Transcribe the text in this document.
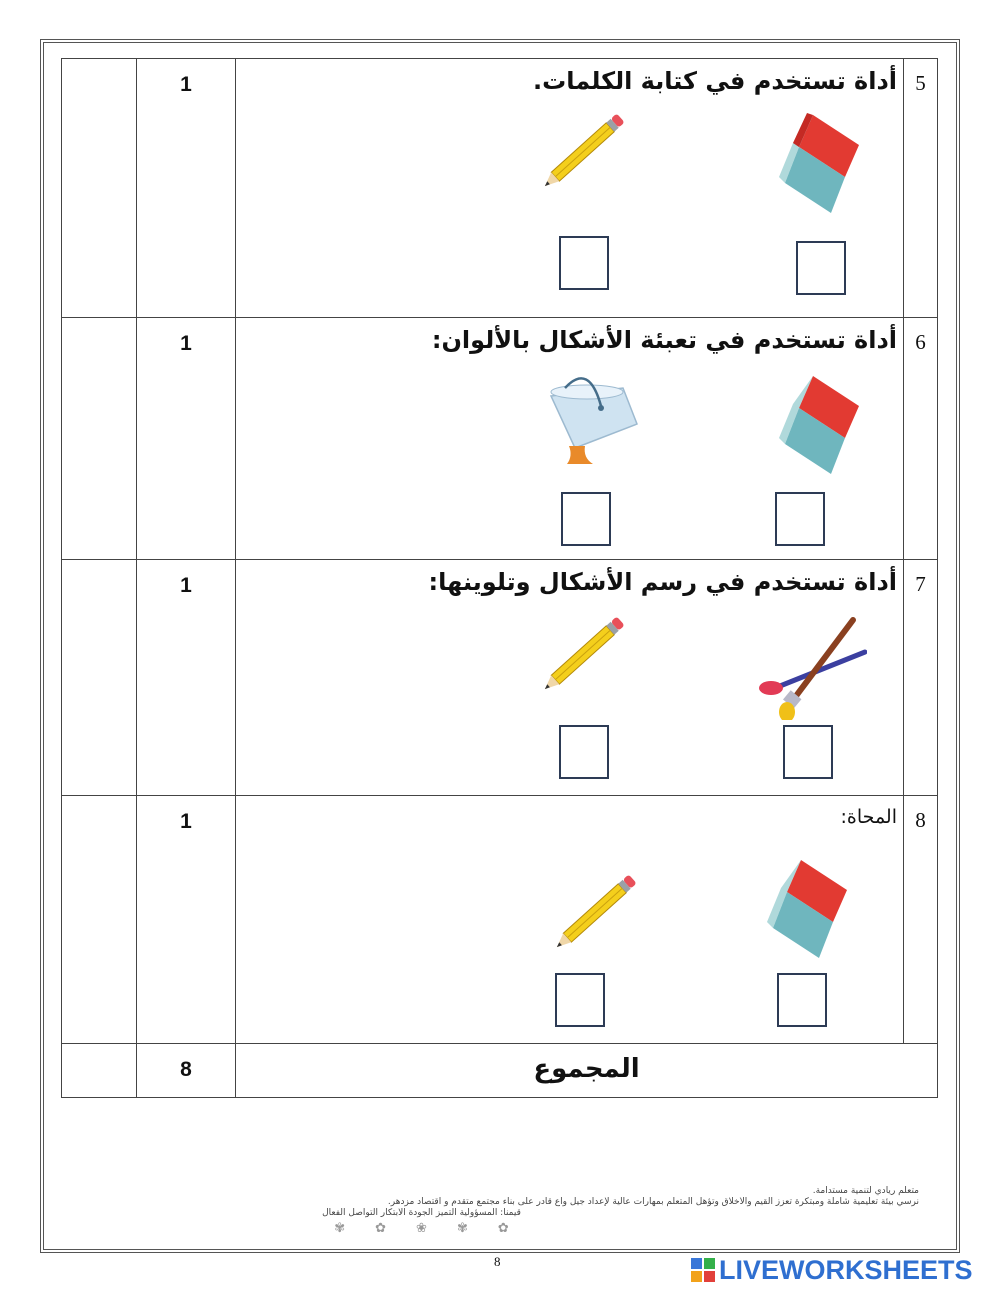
5	أداة تستخدم في كتابة الكلمات.	1	
6	أداة تستخدم في تعبئة الأشكال بالألوان:	1	
7	أداة تستخدم في رسم الأشكال وتلوينها:	1	
8	المحاة:	1	
المجموع		8	
متعلم ريادي لتنمية مستدامة.
نرسي بيئة تعليمية شاملة ومبتكرة تعزز القيم والأخلاق وتؤهل المتعلم بمهارات عالية لإعداد جيل واع قادر على بناء مجتمع متقدم و اقتصاد مزدهر.
قيمنا: المسؤولية التميز الجودة الابتكار التواصل الفعال
✿✾❀✿✾
8	LIVEWORKSHEETS
